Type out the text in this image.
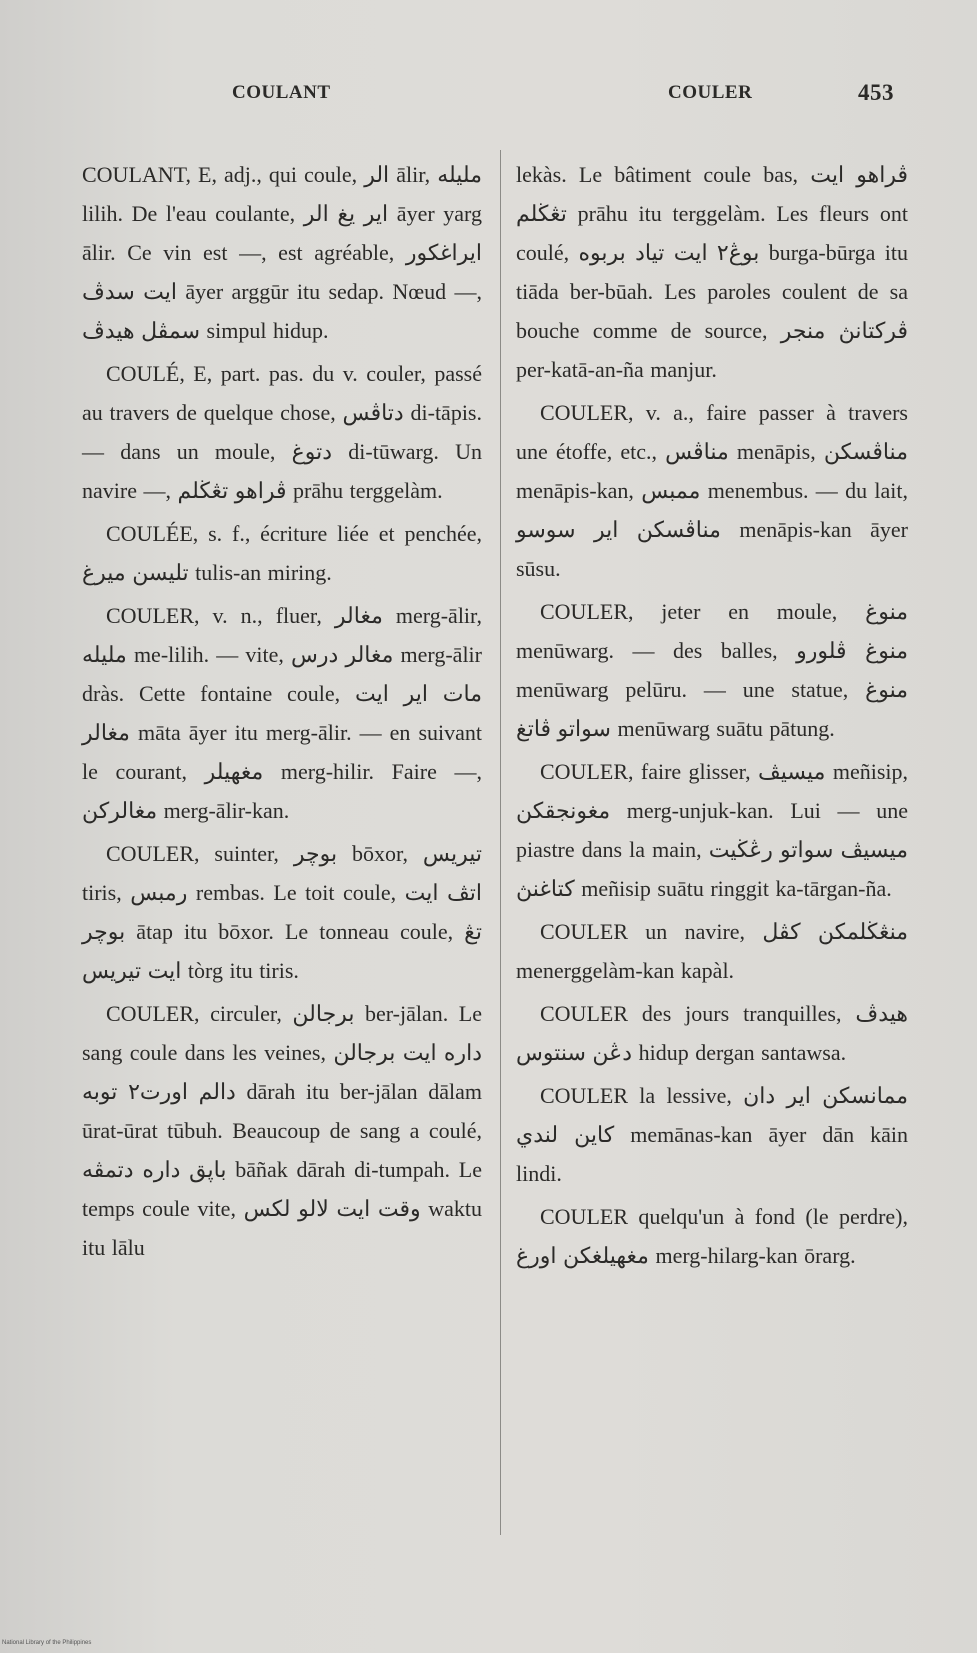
COULANT	COULER	453

COULANT, E, adj., qui coule, الر ālir, مليله lilih. De l'eau coulante, اير يغ الر āyer yarg ālir. Ce vin est —, est agréable, ايراغکور ايت سدڤ āyer arggūr itu sedap. Nœud —, سمڤل هيدڤ simpul hidup.

COULÉ, E, part. pas. du v. couler, passé au travers de quelque chose, دتاڤس di-tāpis. — dans un moule, دتوغ di-tūwarg. Un navire —, ڤراهو تڠڬلم prāhu terggelàm.

COULÉE, s. f., écriture liée et penchée, تليسن ميرغ tulis-an miring.

COULER, v. n., fluer, مغالر merg-ālir, مليله me-lilih. — vite, مغالر درس merg-ālir dràs. Cette fontaine coule, مات اير ايت مغالر māta āyer itu merg-ālir. — en suivant le courant, مغهيلر merg-hilir. Faire —, مغالرکن merg-ālir-kan.

COULER, suinter, بوچر bōxor, تيريس tiris, رمبس rembas. Le toit coule, اتڤ ايت بوچر ātap itu bōxor. Le tonneau coule, تڠ ايت تيريس tòrg itu tiris.

COULER, circuler, برجالن ber-jālan. Le sang coule dans les veines, داره ايت برجالن دالم اورت٢ توبه dārah itu ber-jālan dālam ūrat-ūrat tūbuh. Beaucoup de sang a coulé, باڽق داره دتمڤه bāñak dārah di-tumpah. Le temps coule vite, وقت ايت لالو لکس waktu itu lālu

lekàs. Le bâtiment coule bas, ڤراهو ايت تڠڬلم prāhu itu terggelàm. Les fleurs ont coulé, بوڠ٢ ايت تياد بربوه burga-būrga itu tiāda ber-būah. Les paroles coulent de sa bouche comme de source, ڤرکتانڽ منجر per-katā-an-ña manjur.

COULER, v. a., faire passer à travers une étoffe, etc., مناڤس menāpis, مناڤسکن menāpis-kan, ممبس menembus. — du lait, مناڤسکن اير سوسو menāpis-kan āyer sūsu.

COULER, jeter en moule, منوغ menūwarg. — des balles, منوغ ڤلورو menūwarg pelūru. — une statue, منوغ سواتو ڤاتغ menūwarg suātu pātung.

COULER, faire glisser, ميسيڤ meñisip, مغونجقکن merg-unjuk-kan. Lui — une piastre dans la main, ميسيڤ سواتو رڠڬيت کتاغنڽ meñisip suātu ringgit ka-tārgan-ña.

COULER un navire, منڠڬلمکن کڤل menerggelàm-kan kapàl.

COULER des jours tranquilles, هيدڤ دڠن سنتوس hidup dergan santawsa.

COULER la lessive, ممانسکن اير دان کاين لندي memānas-kan āyer dān kāin lindi.

COULER quelqu'un à fond (le perdre), مغهيلغکن اورغ merg-hilarg-kan ōrarg.

National Library of the Philippines
